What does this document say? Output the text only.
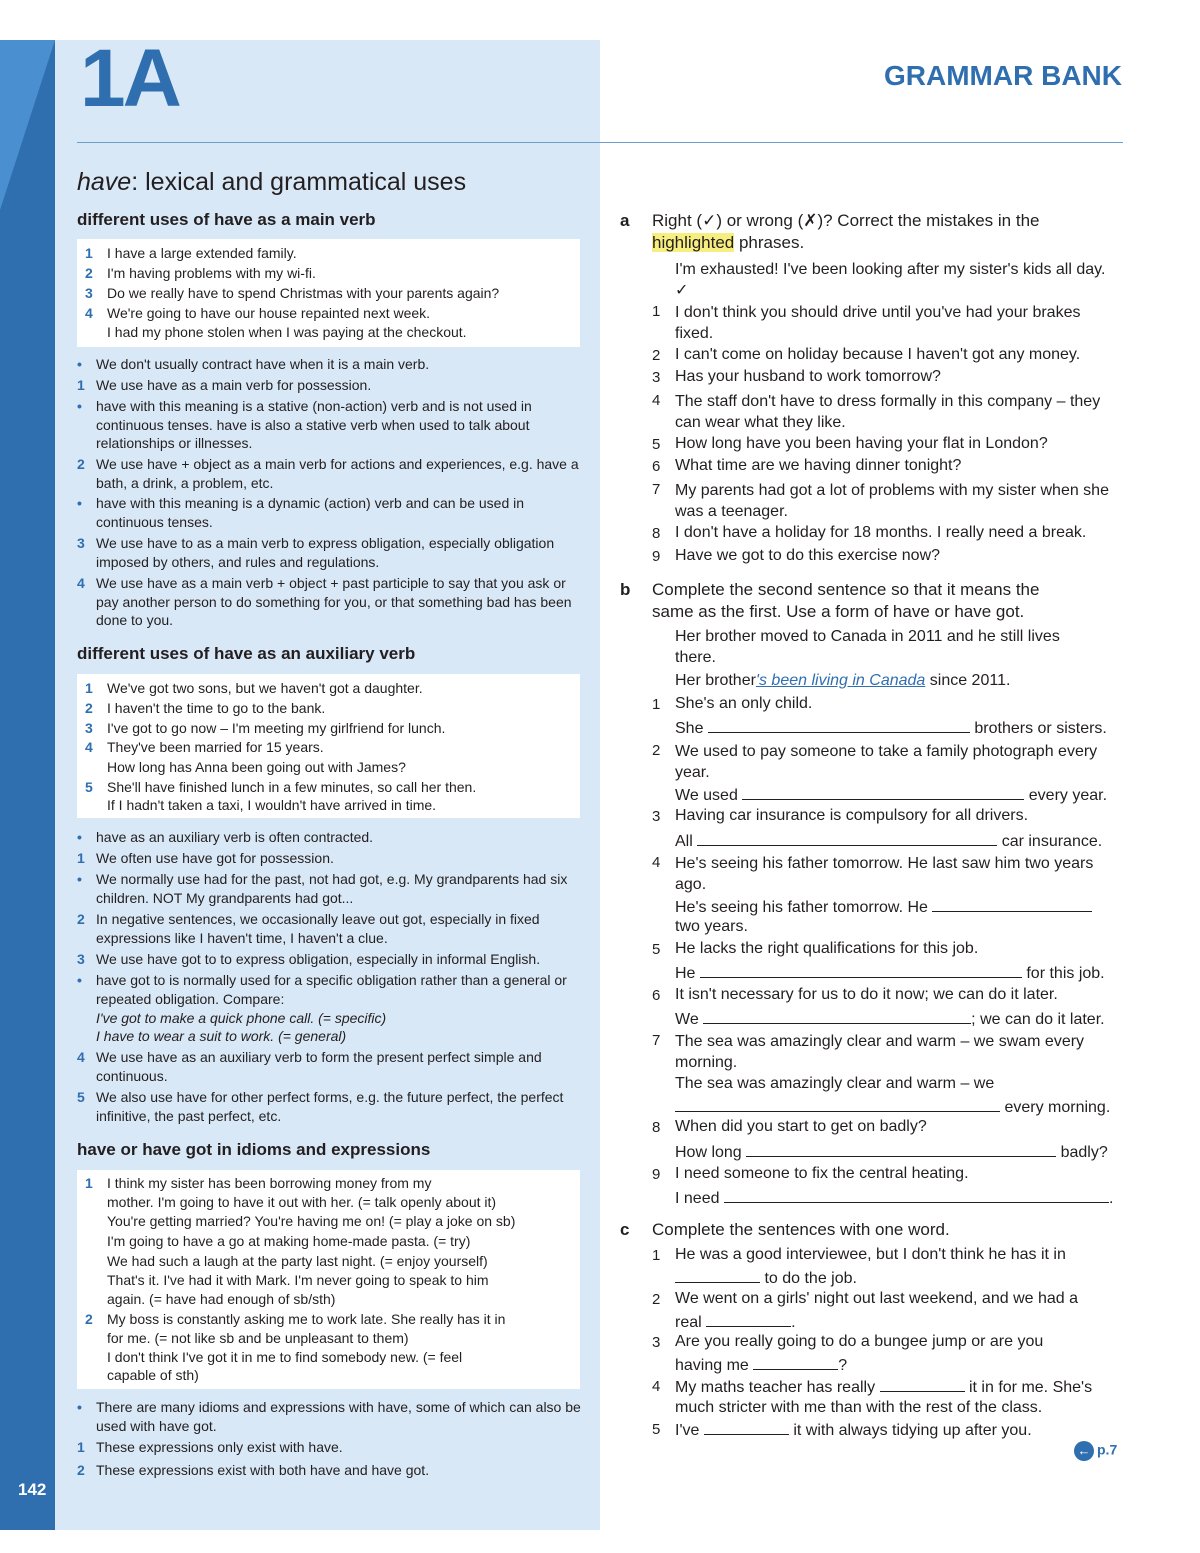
142
1A	GRAMMAR BANK
have: lexical and grammatical uses
different uses of have as a main verb
1 I have a large extended family.
2 I'm having problems with my wi-fi.
3 Do we really have to spend Christmas with your parents again?
4 We're going to have our house repainted next week.
I had my phone stolen when I was paying at the checkout.
•	We don't usually contract have when it is a main verb.
1 We use have as a main verb for possession.
•	have with this meaning is a stative (non-action) verb and is not used in continuous tenses. have is also a stative verb when used to talk about relationships or illnesses.
2 We use have + object as a main verb for actions and experiences, e.g. have a bath, a drink, a problem, etc.
•	have with this meaning is a dynamic (action) verb and can be used in continuous tenses.
3 We use have to as a main verb to express obligation, especially obligation imposed by others, and rules and regulations.
4 We use have as a main verb + object + past participle to say that you ask or pay another person to do something for you, or that something bad has been done to you.
different uses of have as an auxiliary verb
1 We've got two sons, but we haven't got a daughter.
2 I haven't the time to go to the bank.
3 I've got to go now – I'm meeting my girlfriend for lunch.
4 They've been married for 15 years.
How long has Anna been going out with James?
5 She'll have finished lunch in a few minutes, so call her then.
If I hadn't taken a taxi, I wouldn't have arrived in time.
•	have as an auxiliary verb is often contracted.
1 We often use have got for possession.
•	We normally use had for the past, not had got, e.g. My grandparents had six children. NOT My grandparents had got...
2 In negative sentences, we occasionally leave out got, especially in fixed expressions like I haven't time, I haven't a clue.
3 We use have got to to express obligation, especially in informal English.
•	have got to is normally used for a specific obligation rather than a general or repeated obligation. Compare:
I've got to make a quick phone call. (= specific)
I have to wear a suit to work. (= general)
4 We use have as an auxiliary verb to form the present perfect simple and continuous.
5 We also use have for other perfect forms, e.g. the future perfect, the perfect infinitive, the past perfect, etc.
have or have got in idioms and expressions
1 I think my sister has been borrowing money from my
mother. I'm going to have it out with her. (= talk openly about it)
You're getting married? You're having me on! (= play a joke on sb)
I'm going to have a go at making home-made pasta. (= try)
We had such a laugh at the party last night. (= enjoy yourself)
That's it. I've had it with Mark. I'm never going to speak to him
again. (= have had enough of sb/sth)
2 My boss is constantly asking me to work late. She really has it in
for me. (= not like sb and be unpleasant to them)
I don't think I've got it in me to find somebody new. (= feel
capable of sth)
•	There are many idioms and expressions with have, some of which can also be used with have got.
1 These expressions only exist with have.
2 These expressions exist with both have and have got.
a Right (✓) or wrong (✗)? Correct the mistakes in the
highlighted phrases.
I'm exhausted! I've been looking after my sister's kids all day. ✓
1 I don't think you should drive until you've had your brakes fixed.
2 I can't come on holiday because I haven't got any money.
3 Has your husband to work tomorrow?
4 The staff don't have to dress formally in this company – they can wear what they like.
5 How long have you been having your flat in London?
6 What time are we having dinner tonight?
7 My parents had got a lot of problems with my sister when she was a teenager.
8 I don't have a holiday for 18 months. I really need a break.
9 Have we got to do this exercise now?
b Complete the second sentence so that it means the
same as the first. Use a form of have or have got.
Her brother moved to Canada in 2011 and he still lives
there.
Her brother's been living in Canada since 2011.
1 She's an only child.
She	brothers or sisters.
2 We used to pay someone to take a family photograph every year.
We used	every year.
3 Having car insurance is compulsory for all drivers.
All	car insurance.
4 He's seeing his father tomorrow. He last saw him two years ago.
He's seeing his father tomorrow. He
two years.
5 He lacks the right qualifications for this job.
He	for this job.
6 It isn't necessary for us to do it now; we can do it later.
We	; we can do it later.
7 The sea was amazingly clear and warm – we swam every morning.
The sea was amazingly clear and warm – we
every morning.
8 When did you start to get on badly?
How long	badly?
9 I need someone to fix the central heating.
I need	.
c Complete the sentences with one word.
1 He was a good interviewee, but I don't think he has it in
to do the job.
2 We went on a girls' night out last weekend, and we had a
real	.
3 Are you really going to do a bungee jump or are you
having me	?
4 My maths teacher has really	it in for me. She's much stricter with me than with the rest of the class.
5 I've	it with always tidying up after you.
← p.7
